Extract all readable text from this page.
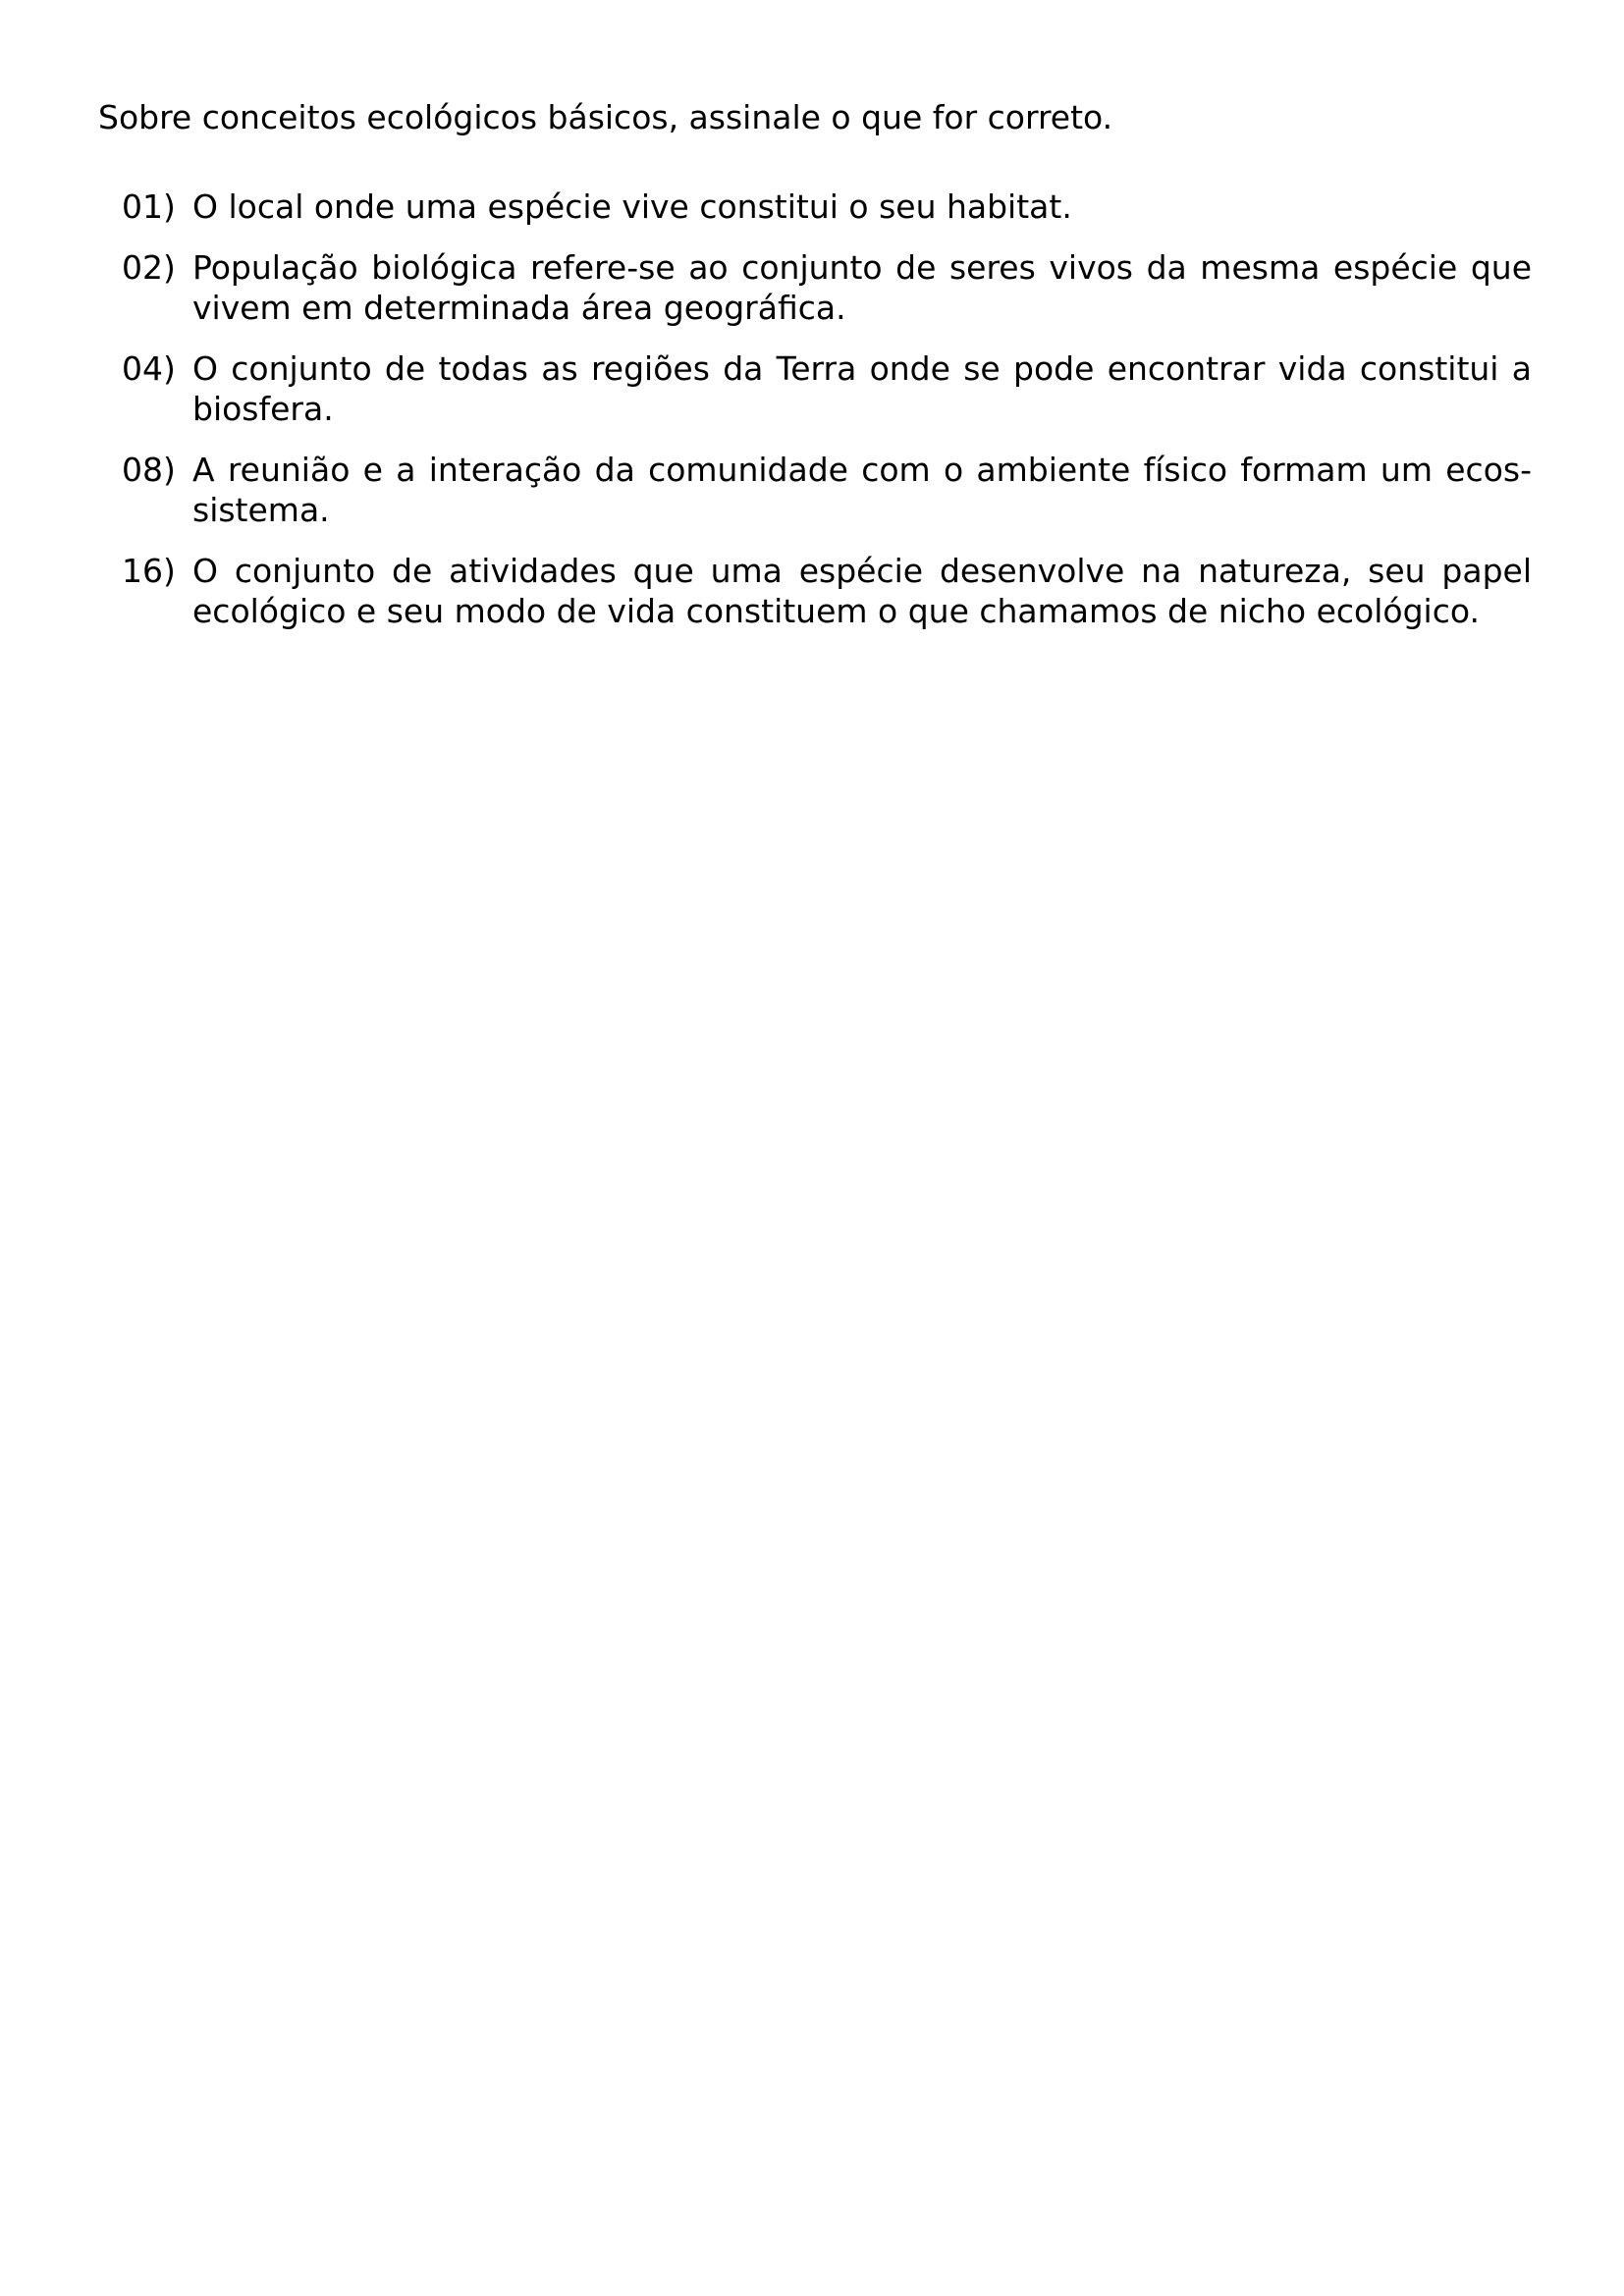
Sobre conceitos ecológicos básicos, assinale o que for correto.

01) O local onde uma espécie vive constitui o seu habitat.
02) População biológica refere-se ao conjunto de seres vivos da mesma espécie que vivem em determinada área geográfica.
04) O conjunto de todas as regiões da Terra onde se pode encontrar vida constitui a biosfera.
08) A reunião e a interação da comunidade com o ambiente físico formam um ecos-sistema.
16) O conjunto de atividades que uma espécie desenvolve na natureza, seu papel ecológico e seu modo de vida constituem o que chamamos de nicho ecológico.
